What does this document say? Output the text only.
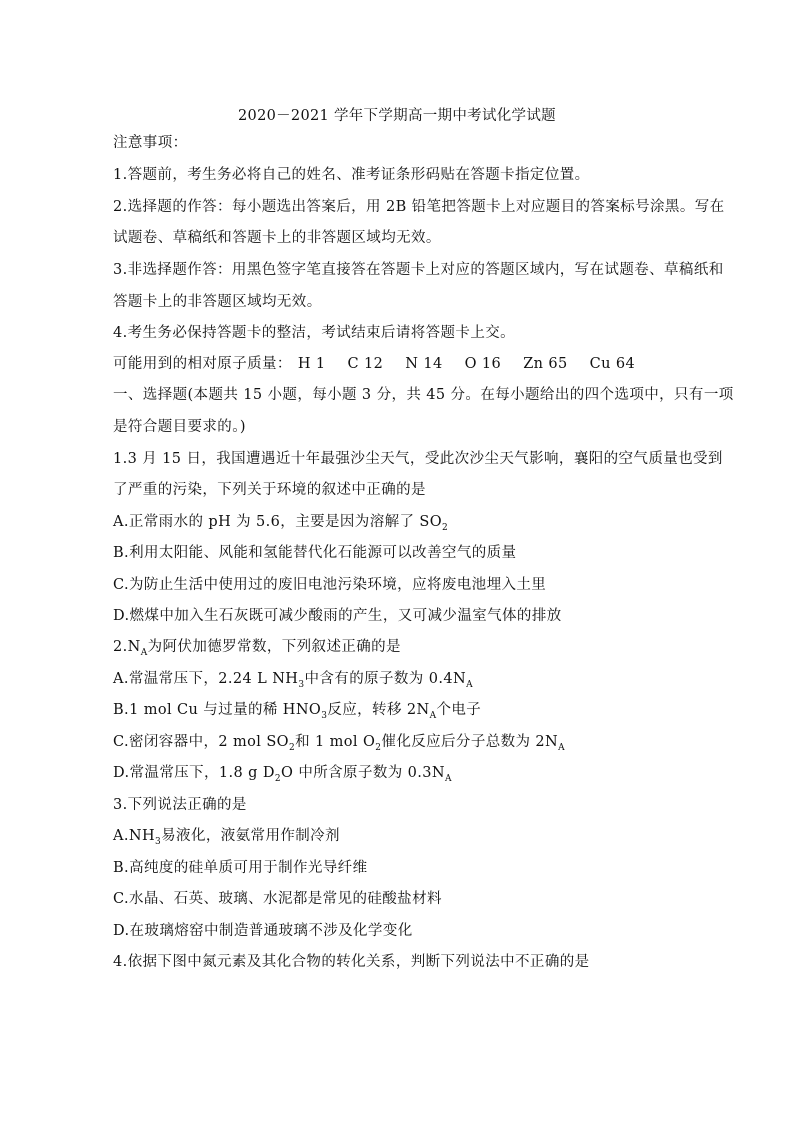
2020－2021 学年下学期高一期中考试化学试题
注意事项：
1.答题前，考生务必将自己的姓名、准考证条形码贴在答题卡指定位置。
2.选择题的作答：每小题选出答案后，用 2B 铅笔把答题卡上对应题目的答案标号涂黑。写在
试题卷、草稿纸和答题卡上的非答题区域均无效。
3.非选择题作答：用黑色签字笔直接答在答题卡上对应的答题区域内，写在试题卷、草稿纸和
答题卡上的非答题区域均无效。
4.考生务必保持答题卡的整洁，考试结束后请将答题卡上交。
可能用到的相对原子质量： H 1 C 12 N 14 O 16 Zn 65 Cu 64
一、选择题(本题共 15 小题，每小题 3 分，共 45 分。在每小题给出的四个选项中，只有一项
是符合题目要求的。)
1.3 月 15 日，我国遭遇近十年最强沙尘天气，受此次沙尘天气影响，襄阳的空气质量也受到
了严重的污染，下列关于环境的叙述中正确的是
A.正常雨水的 pH 为 5.6，主要是因为溶解了 $SO_2$
B.利用太阳能、风能和氢能替代化石能源可以改善空气的质量
C.为防止生活中使用过的废旧电池污染环境，应将废电池埋入土里
D.燃煤中加入生石灰既可减少酸雨的产生，又可减少温室气体的排放
$2.N_A$为阿伏加德罗常数，下列叙述正确的是
A.常温常压下，2.24 L $NH_3$中含有的原子数为 $0.4N_A$
B.1 mol Cu 与过量的稀 $HNO_3$反应，转移 $2N_A$个电子
C.密闭容器中，2 mol $SO_2$和 1 mol $O_2$催化反应后分子总数为 $2N_A$
D.常温常压下，1.8 g $D_2O$ 中所含原子数为 $0.3N_A$
3.下列说法正确的是
$A.NH_3$易液化，液氨常用作制冷剂
B.高纯度的硅单质可用于制作光导纤维
C.水晶、石英、玻璃、水泥都是常见的硅酸盐材料
D.在玻璃熔窑中制造普通玻璃不涉及化学变化
4.依据下图中氮元素及其化合物的转化关系，判断下列说法中不正确的是
